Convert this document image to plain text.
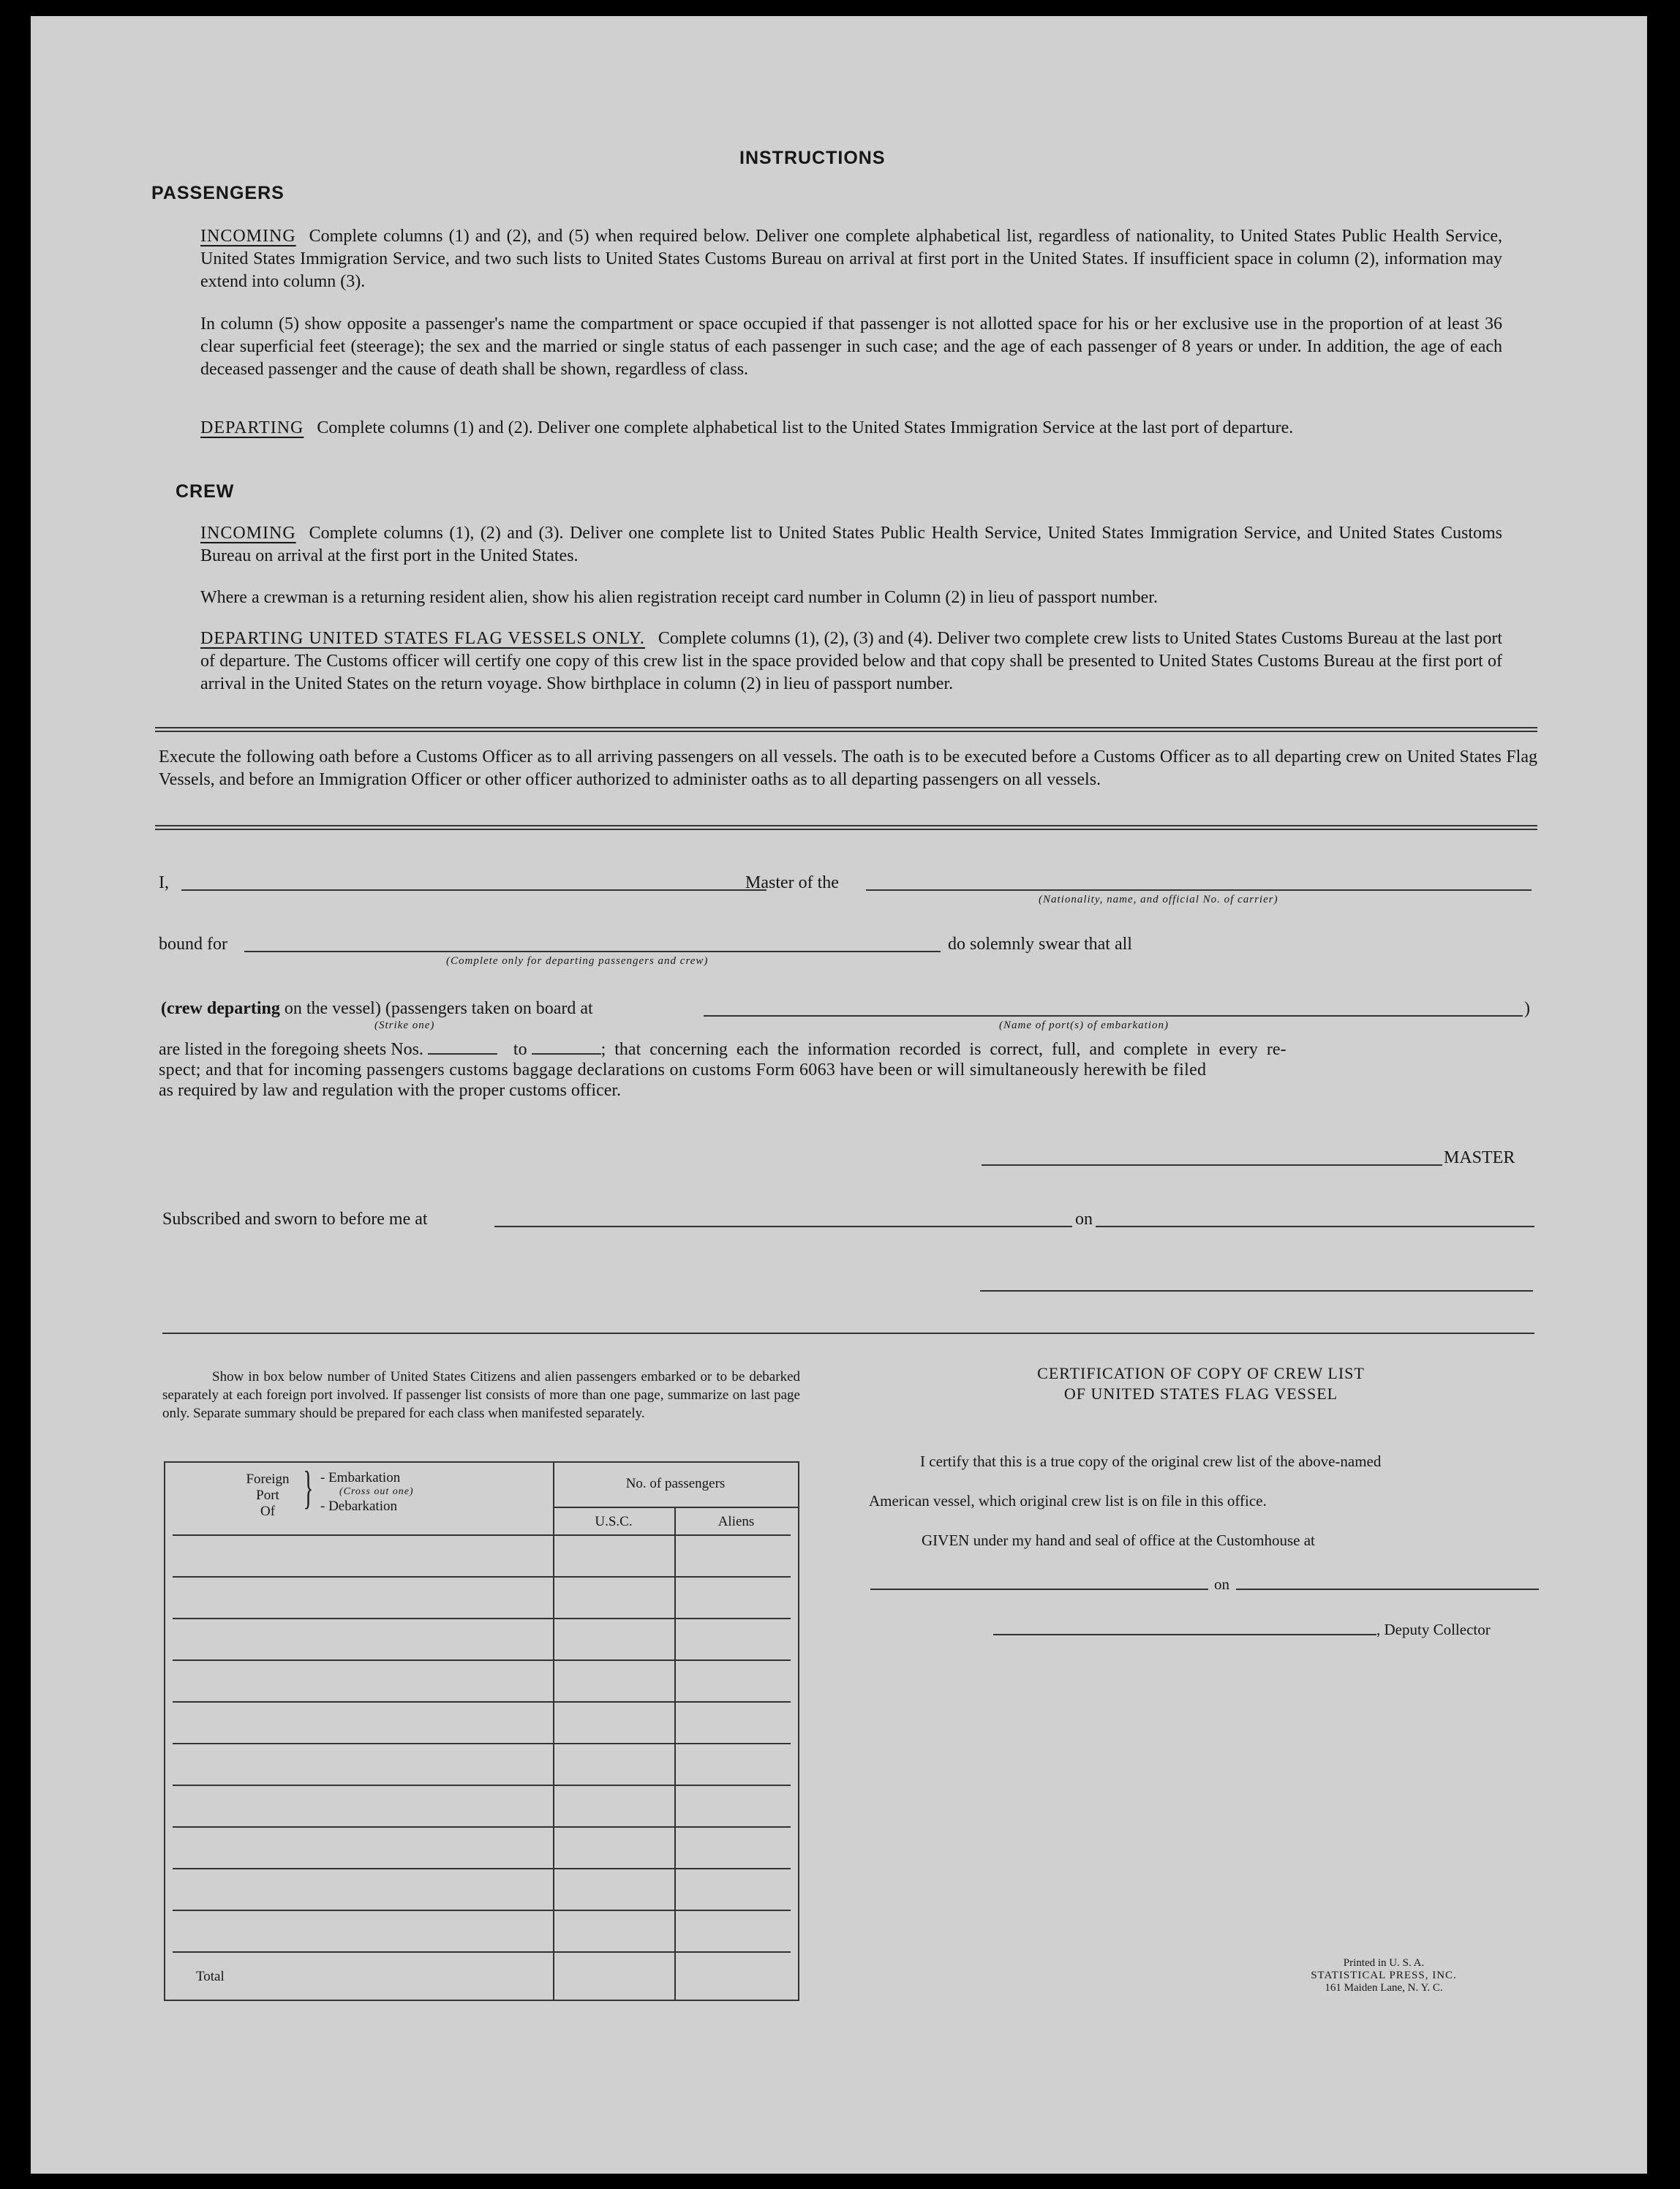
INSTRUCTIONS
PASSENGERS
INCOMING Complete columns (1) and (2), and (5) when required below. Deliver one complete alphabetical list, regardless of nationality, to United States Public Health Service, United States Immigration Service, and two such lists to United States Customs Bureau on arrival at first port in the United States. If insufficient space in column (2), information may extend into column (3).
In column (5) show opposite a passenger's name the compartment or space occupied if that passenger is not allotted space for his or her exclusive use in the proportion of at least 36 clear superficial feet (steerage); the sex and the married or single status of each passenger in such case; and the age of each passenger of 8 years or under. In addition, the age of each deceased passenger and the cause of death shall be shown, regardless of class.
DEPARTING Complete columns (1) and (2). Deliver one complete alphabetical list to the United States Immigration Service at the last port of departure.
CREW
INCOMING Complete columns (1), (2) and (3). Deliver one complete list to United States Public Health Service, United States Immigration Service, and United States Customs Bureau on arrival at the first port in the United States.
Where a crewman is a returning resident alien, show his alien registration receipt card number in Column (2) in lieu of passport number.
DEPARTING UNITED STATES FLAG VESSELS ONLY. Complete columns (1), (2), (3) and (4). Deliver two complete crew lists to United States Customs Bureau at the last port of departure. The Customs officer will certify one copy of this crew list in the space provided below and that copy shall be presented to United States Customs Bureau at the first port of arrival in the United States on the return voyage. Show birthplace in column (2) in lieu of passport number.
Execute the following oath before a Customs Officer as to all arriving passengers on all vessels. The oath is to be executed before a Customs Officer as to all departing crew on United States Flag Vessels, and before an Immigration Officer or other officer authorized to administer oaths as to all departing passengers on all vessels.
I,	Master of the
(Nationality, name, and official No. of carrier)
bound for
(Complete only for departing passengers and crew)
do solemnly swear that all
(crew departing on the vessel) (passengers taken on board at
(Strike one)	(Name of port(s) of embarkation)
)
are listed in the foregoing sheets Nos.	to	; that concerning each the information recorded is correct, full, and complete in every re-
spect; and that for incoming passengers customs baggage declarations on customs Form 6063 have been or will simultaneously herewith be filed
as required by law and regulation with the proper customs officer.
MASTER
Subscribed and sworn to before me at	on
Show in box below number of United States Citizens and alien passengers embarked or to be debarked separately at each foreign port involved. If passenger list consists of more than one page, summarize on last page only. Separate summary should be prepared for each class when manifested separately.
Foreign
Port
Of } - Embarkation
(Cross out one)
- Debarkation
No. of passengers
U.S.C.	Aliens
Total
CERTIFICATION OF COPY OF CREW LIST
OF UNITED STATES FLAG VESSEL
I certify that this is a true copy of the original crew list of the above-named
American vessel, which original crew list is on file in this office.
GIVEN under my hand and seal of office at the Customhouse at
on
, Deputy Collector
Printed in U. S. A.
STATISTICAL PRESS, INC.
161 Maiden Lane, N. Y. C.
